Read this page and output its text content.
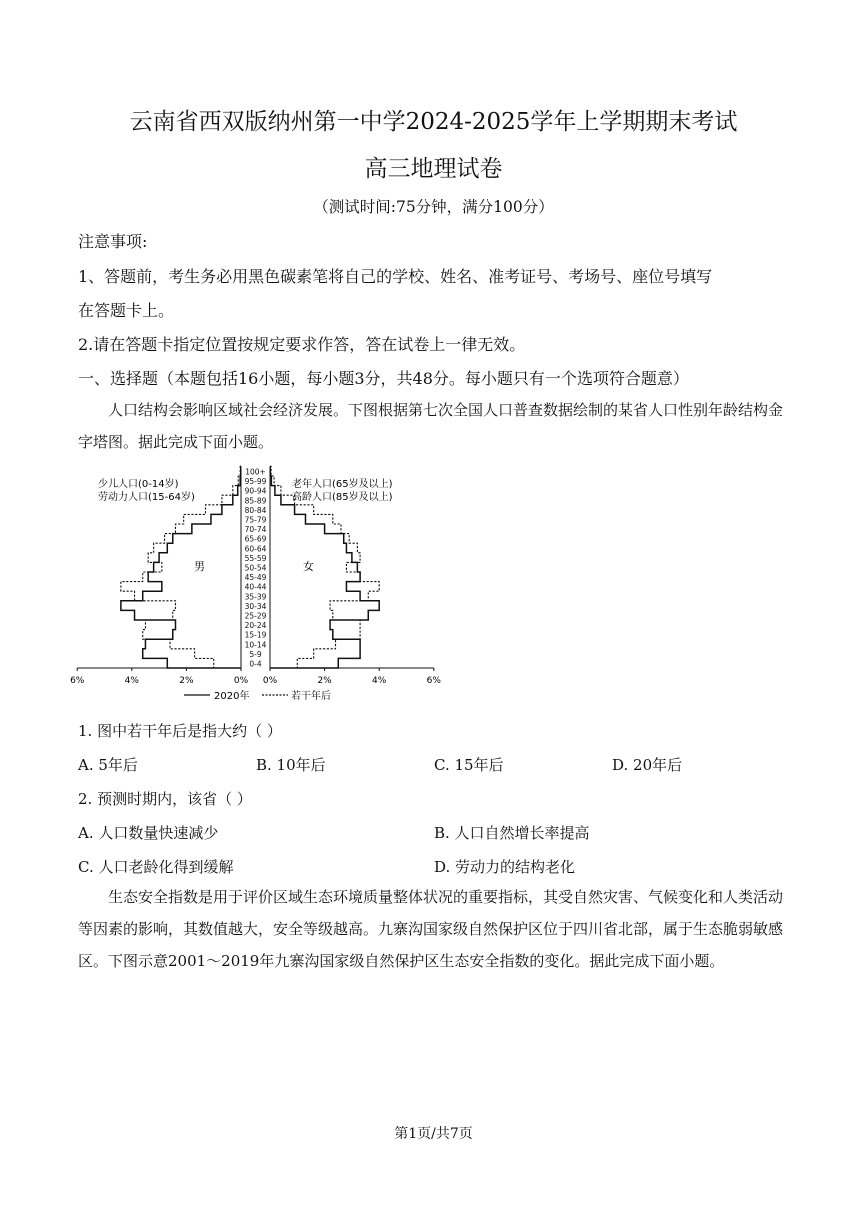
云南省西双版纳州第一中学2024-2025学年上学期期末考试
高三地理试卷
（测试时间:75分钟，满分100分）
注意事项:
1、答题前，考生务必用黑色碳素笔将自己的学校、姓名、准考证号、考场号、座位号填写
在答题卡上。
2.请在答题卡指定位置按规定要求作答，答在试卷上一律无效。
一、选择题（本题包括16小题，每小题3分，共48分。每小题只有一个选项符合题意）
人口结构会影响区域社会经济发展。下图根据第七次全国人口普查数据绘制的某省人口性别年龄结构金字塔图。据此完成下面小题。
0-4
5-9
10-14
15-19
20-24
25-29
30-34
35-39
40-44
45-49
50-54
55-59
60-64
65-69
70-74
75-79
80-84
85-89
90-94
95-99
100+
6%	4%	2%	0% 0%	2%	4%	6%
少儿人口(0-14岁)
劳动力人口(15-64岁)
老年人口(65岁及以上)
高龄人口(85岁及以上)
男	女
2020年	若干年后
1. 图中若干年后是指大约（ ）
A. 5年后	B. 10年后	C. 15年后	D. 20年后
2. 预测时期内，该省（ ）
A. 人口数量快速减少	B. 人口自然增长率提高
C. 人口老龄化得到缓解	D. 劳动力的结构老化
生态安全指数是用于评价区域生态环境质量整体状况的重要指标，其受自然灾害、气候变化和人类活动等因素的影响，其数值越大，安全等级越高。九寨沟国家级自然保护区位于四川省北部，属于生态脆弱敏感区。下图示意2001～2019年九寨沟国家级自然保护区生态安全指数的变化。据此完成下面小题。
第1页/共7页
